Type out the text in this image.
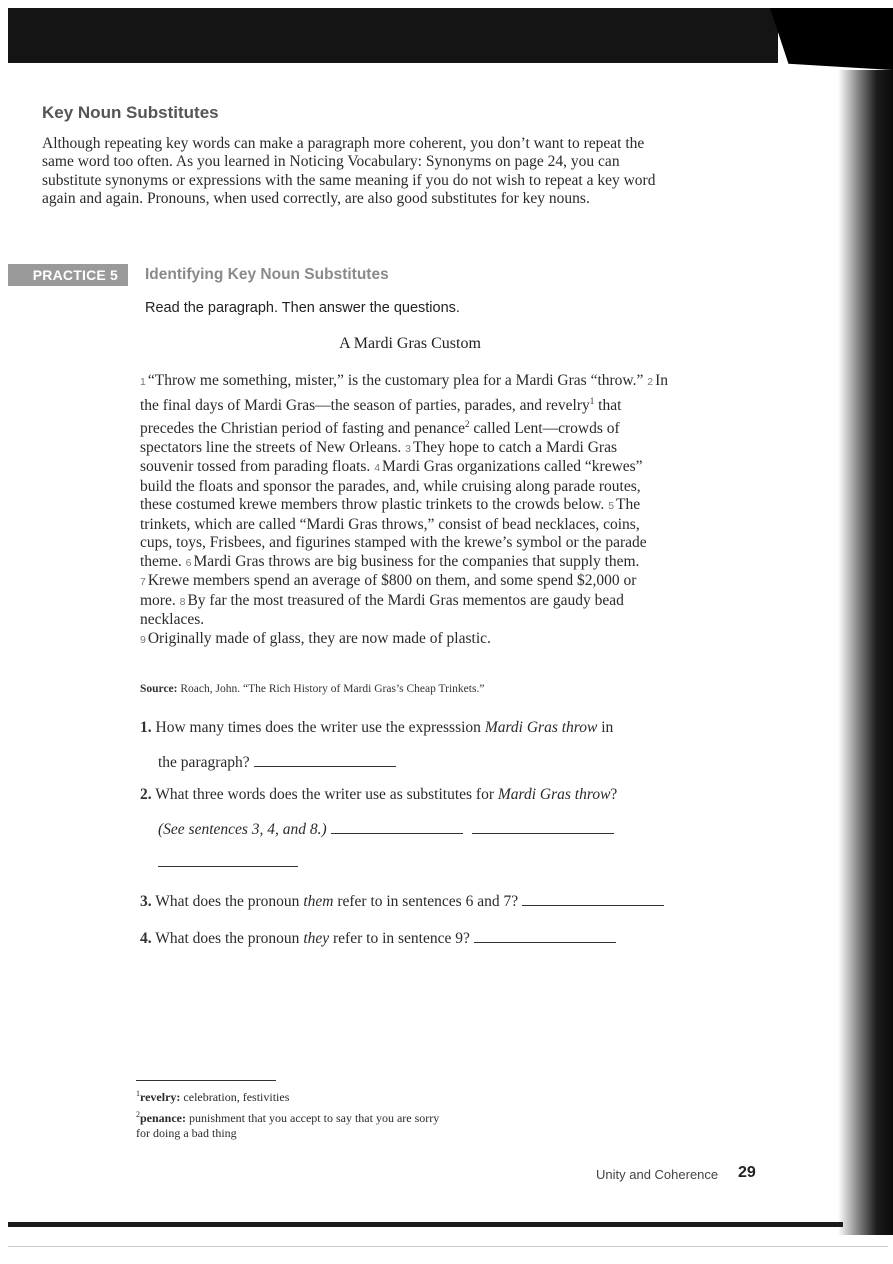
Key Noun Substitutes
Although repeating key words can make a paragraph more coherent, you don’t want to repeat the same word too often. As you learned in Noticing Vocabulary: Synonyms on page 24, you can substitute synonyms or expressions with the same meaning if you do not wish to repeat a key word again and again. Pronouns, when used correctly, are also good substitutes for key nouns.
PRACTICE 5	Identifying Key Noun Substitutes
Read the paragraph. Then answer the questions.
A Mardi Gras Custom
1 “Throw me something, mister,” is the customary plea for a Mardi Gras “throw.” 2 In the final days of Mardi Gras—the season of parties, parades, and revelry$^1$ that precedes the Christian period of fasting and penance$^2$ called Lent—crowds of spectators line the streets of New Orleans. 3 They hope to catch a Mardi Gras souvenir tossed from parading floats. 4 Mardi Gras organizations called “krewes” build the floats and sponsor the parades, and, while cruising along parade routes, these costumed krewe members throw plastic trinkets to the crowds below. 5 The trinkets, which are called “Mardi Gras throws,” consist of bead necklaces, coins, cups, toys, Frisbees, and figurines stamped with the krewe’s symbol or the parade theme. 6 Mardi Gras throws are big business for the companies that supply them. 7 Krewe members spend an average of $800 on them, and some spend $2,000 or more. 8 By far the most treasured of the Mardi Gras mementos are gaudy bead necklaces.
9 Originally made of glass, they are now made of plastic.
Source: Roach, John. “The Rich History of Mardi Gras’s Cheap Trinkets.”
1. How many times does the writer use the expresssion Mardi Gras throw in
the paragraph?
2. What three words does the writer use as substitutes for Mardi Gras throw?
(See sentences 3, 4, and 8.)
3. What does the pronoun them refer to in sentences 6 and 7?
4. What does the pronoun they refer to in sentence 9?
$^1$revelry: celebration, festivities
$^2$penance: punishment that you accept to say that you are sorry for doing a bad thing
Unity and Coherence 29
